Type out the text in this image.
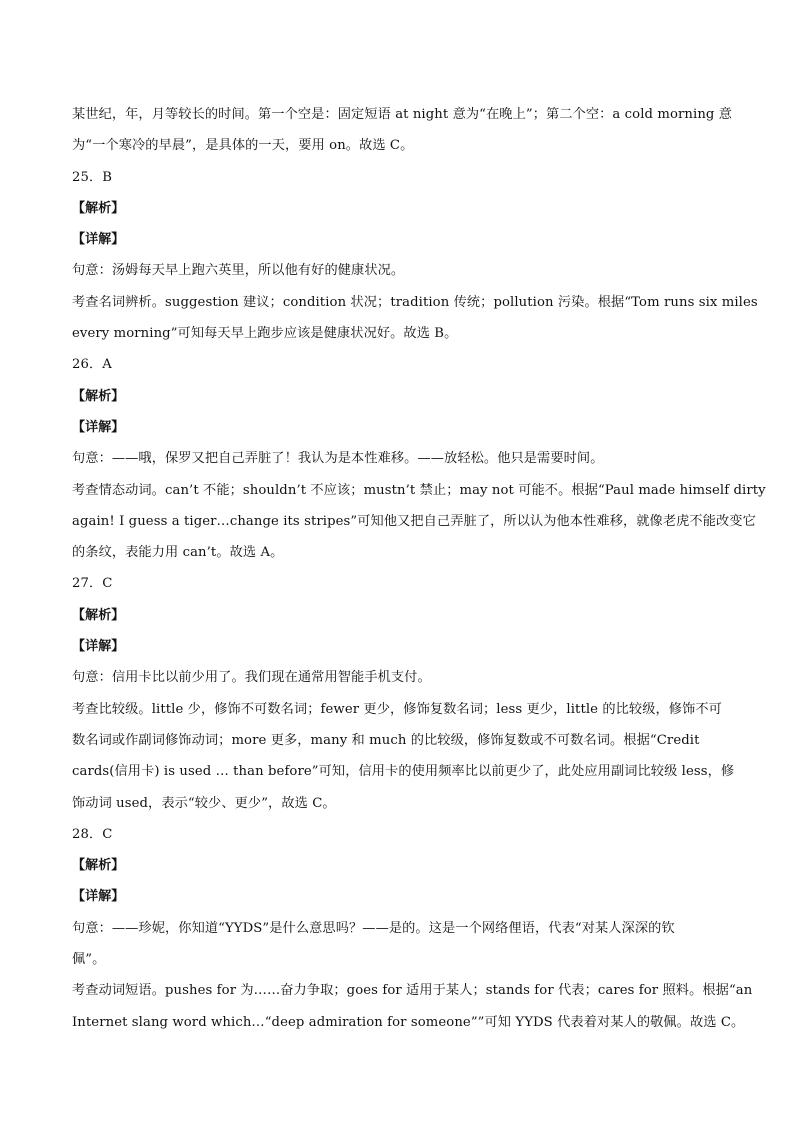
某世纪，年，月等较长的时间。第一个空是：固定短语 at night 意为“在晚上”；第二个空：a cold morning 意
为“一个寒冷的早晨”，是具体的一天，要用 on。故选 C。
25．B
【解析】
【详解】
句意：汤姆每天早上跑六英里，所以他有好的健康状况。
考查名词辨析。suggestion 建议；condition 状况；tradition 传统；pollution 污染。根据“Tom runs six miles
every morning”可知每天早上跑步应该是健康状况好。故选 B。
26．A
【解析】
【详解】
句意：——哦，保罗又把自己弄脏了！我认为是本性难移。——放轻松。他只是需要时间。
考查情态动词。can’t 不能；shouldn’t 不应该；mustn’t 禁止；may not 可能不。根据“Paul made himself dirty
again! I guess a tiger…change its stripes”可知他又把自己弄脏了，所以认为他本性难移，就像老虎不能改变它
的条纹，表能力用 can’t。故选 A。
27．C
【解析】
【详解】
句意：信用卡比以前少用了。我们现在通常用智能手机支付。
考查比较级。little 少，修饰不可数名词；fewer 更少，修饰复数名词；less 更少，little 的比较级，修饰不可
数名词或作副词修饰动词；more 更多，many 和 much 的比较级，修饰复数或不可数名词。根据“Credit
cards(信用卡) is used … than before”可知，信用卡的使用频率比以前更少了，此处应用副词比较级 less，修
饰动词 used，表示“较少、更少”，故选 C。
28．C
【解析】
【详解】
句意：——珍妮，你知道“YYDS”是什么意思吗？——是的。这是一个网络俚语，代表“对某人深深的钦
佩”。
考查动词短语。pushes for 为……奋力争取；goes for 适用于某人；stands for 代表；cares for 照料。根据“an
Internet slang word which…“deep admiration for someone””可知 YYDS 代表着对某人的敬佩。故选 C。
